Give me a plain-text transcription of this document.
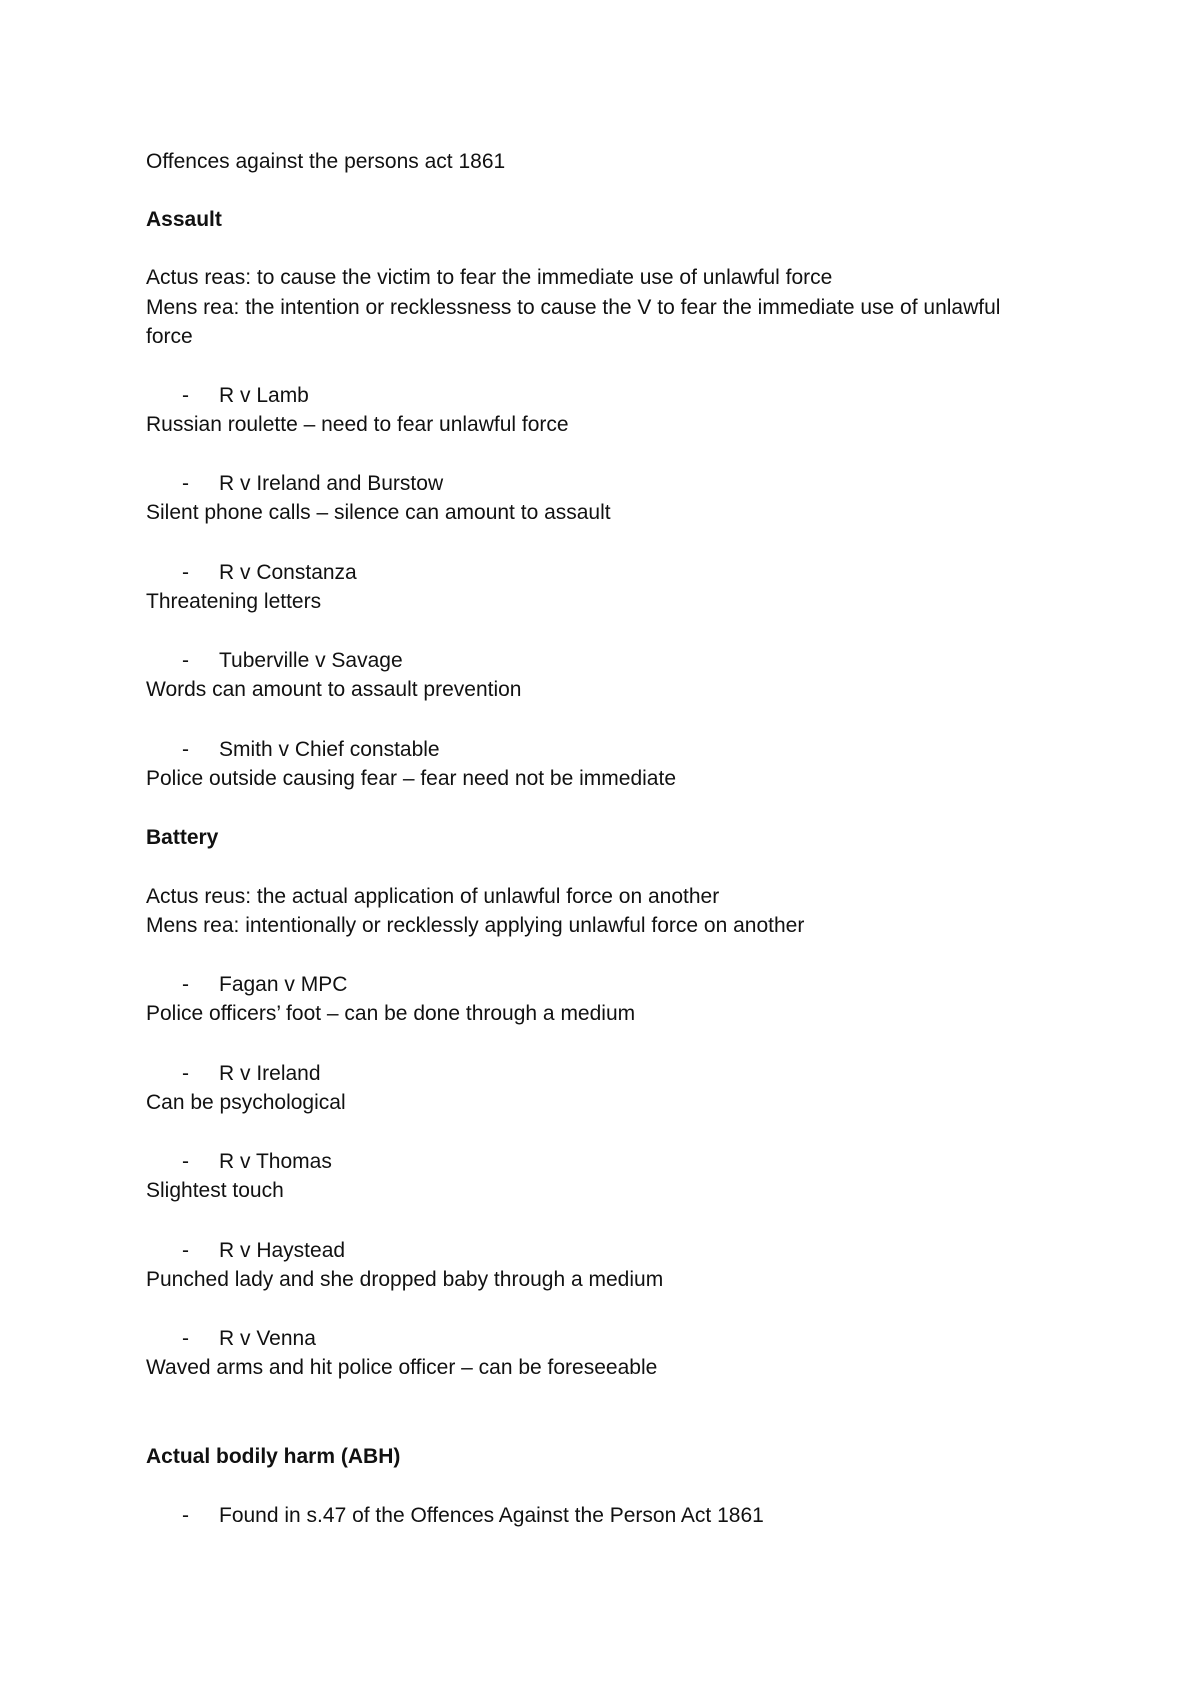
Offences against the persons act 1861
Assault
Actus reas: to cause the victim to fear the immediate use of unlawful force
Mens rea: the intention or recklessness to cause the V to fear the immediate use of unlawful
force
- R v Lamb
Russian roulette – need to fear unlawful force
- R v Ireland and Burstow
Silent phone calls – silence can amount to assault
- R v Constanza
Threatening letters
- Tuberville v Savage
Words can amount to assault prevention
- Smith v Chief constable
Police outside causing fear – fear need not be immediate
Battery
Actus reus: the actual application of unlawful force on another
Mens rea: intentionally or recklessly applying unlawful force on another
- Fagan v MPC
Police officers’ foot – can be done through a medium
- R v Ireland
Can be psychological
- R v Thomas
Slightest touch
- R v Haystead
Punched lady and she dropped baby through a medium
- R v Venna
Waved arms and hit police officer – can be foreseeable
Actual bodily harm (ABH)
- Found in s.47 of the Offences Against the Person Act 1861
